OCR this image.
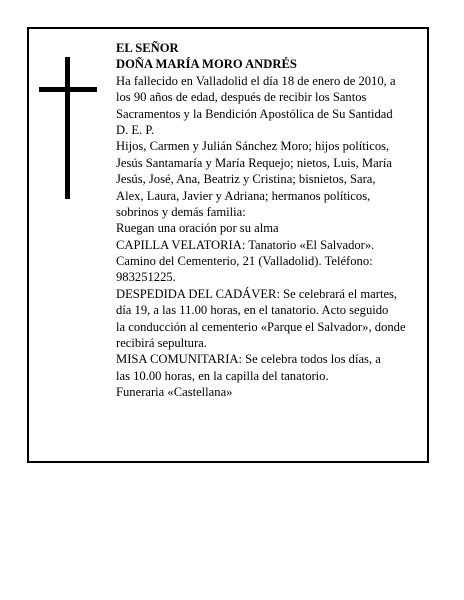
EL SEÑOR
DOÑA MARÍA MORO ANDRÉS
Ha fallecido en Valladolid el día 18 de enero de 2010, a
los 90 años de edad, después de recibir los Santos
Sacramentos y la Bendición Apostólica de Su Santidad
D. E. P.
Hijos, Carmen y Julián Sánchez Moro; hijos políticos,
Jesús Santamaría y María Requejo; nietos, Luis, María
Jesús, José, Ana, Beatriz y Cristina; bisnietos, Sara,
Alex, Laura, Javier y Adriana; hermanos políticos,
sobrinos y demás familia:
Ruegan una oración por su alma
CAPILLA VELATORIA: Tanatorio «El Salvador».
Camino del Cementerio, 21 (Valladolid). Teléfono:
983251225.
DESPEDIDA DEL CADÁVER: Se celebrará el martes,
día 19, a las 11.00 horas, en el tanatorio. Acto seguido
la conducción al cementerio «Parque el Salvador», donde
recibirá sepultura.
MISA COMUNITARIA: Se celebra todos los días, a
las 10.00 horas, en la capilla del tanatorio.
Funeraria «Castellana»
